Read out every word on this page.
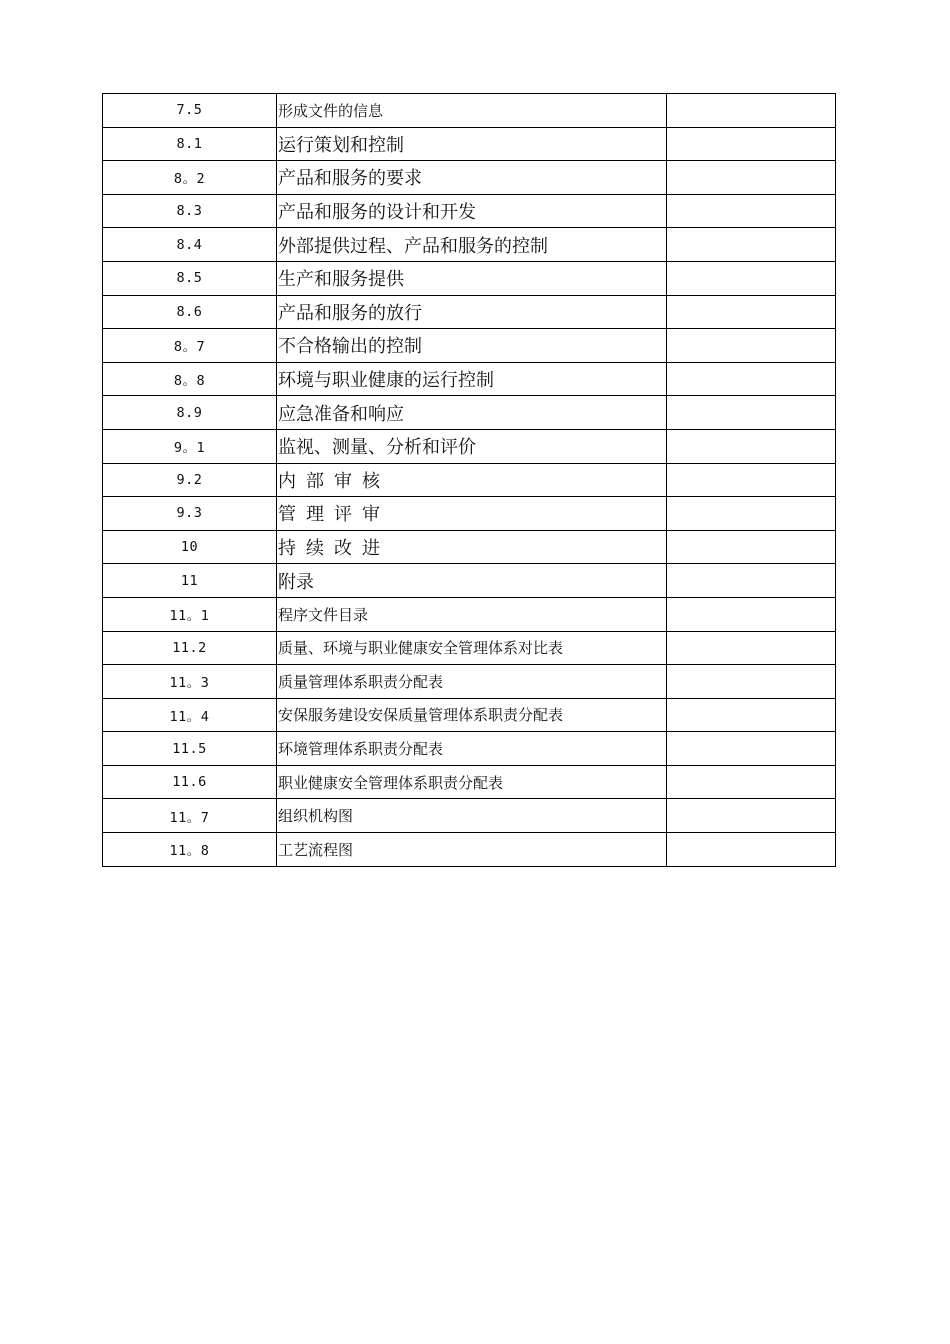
7.5	形成文件的信息	
8.1	运行策划和控制	
8。2	产品和服务的要求	
8.3	产品和服务的设计和开发	
8.4	外部提供过程、产品和服务的控制	
8.5	生产和服务提供	
8.6	产品和服务的放行	
8。7	不合格输出的控制	
8。8	环境与职业健康的运行控制	
8.9	应急准备和响应	
9。1	监视、测量、分析和评价	
9.2	内部审核	
9.3	管理评审	
10	持续改进	
11	附录	
11。1	程序文件目录	
11.2	质量、环境与职业健康安全管理体系对比表	
11。3	质量管理体系职责分配表	
11。4	安保服务建设安保质量管理体系职责分配表	
11.5	环境管理体系职责分配表	
11.6	职业健康安全管理体系职责分配表	
11。7	组织机构图	
11。8	工艺流程图	
